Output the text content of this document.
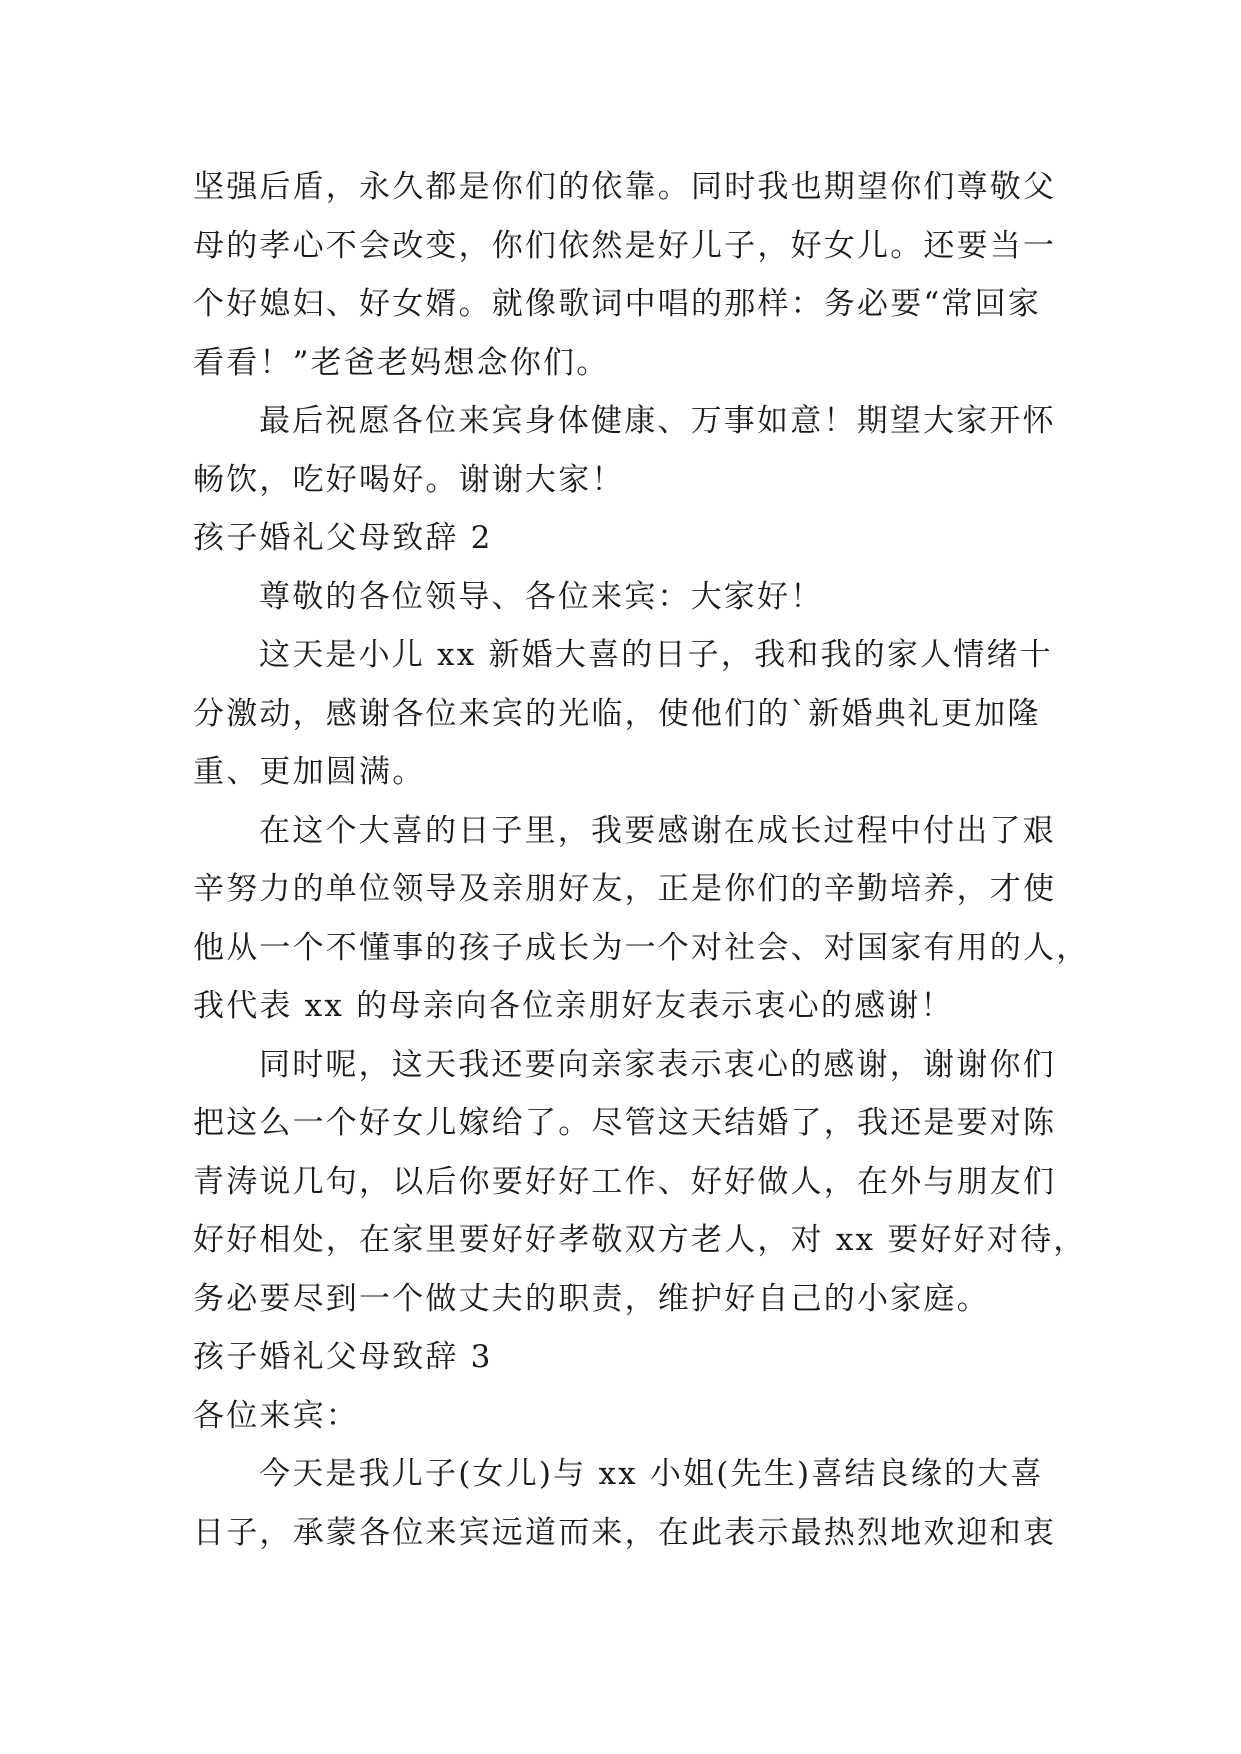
坚强后盾，永久都是你们的依靠。同时我也期望你们尊敬父
母的孝心不会改变，你们依然是好儿子，好女儿。还要当一
个好媳妇、好女婿。就像歌词中唱的那样：务必要“常回家
看看！”老爸老妈想念你们。
最后祝愿各位来宾身体健康、万事如意！期望大家开怀
畅饮，吃好喝好。谢谢大家！
孩子婚礼父母致辞 2
尊敬的各位领导、各位来宾：大家好！
这天是小儿 xx 新婚大喜的日子，我和我的家人情绪十
分激动，感谢各位来宾的光临，使他们的`新婚典礼更加隆
重、更加圆满。
在这个大喜的日子里，我要感谢在成长过程中付出了艰
辛努力的单位领导及亲朋好友，正是你们的辛勤培养，才使
他从一个不懂事的孩子成长为一个对社会、对国家有用的人，
我代表 xx 的母亲向各位亲朋好友表示衷心的感谢！
同时呢，这天我还要向亲家表示衷心的感谢，谢谢你们
把这么一个好女儿嫁给了。尽管这天结婚了，我还是要对陈
青涛说几句，以后你要好好工作、好好做人，在外与朋友们
好好相处，在家里要好好孝敬双方老人，对 xx 要好好对待，
务必要尽到一个做丈夫的职责，维护好自己的小家庭。
孩子婚礼父母致辞 3
各位来宾：
今天是我儿子(女儿)与 xx 小姐(先生)喜结良缘的大喜
日子，承蒙各位来宾远道而来，在此表示最热烈地欢迎和衷
